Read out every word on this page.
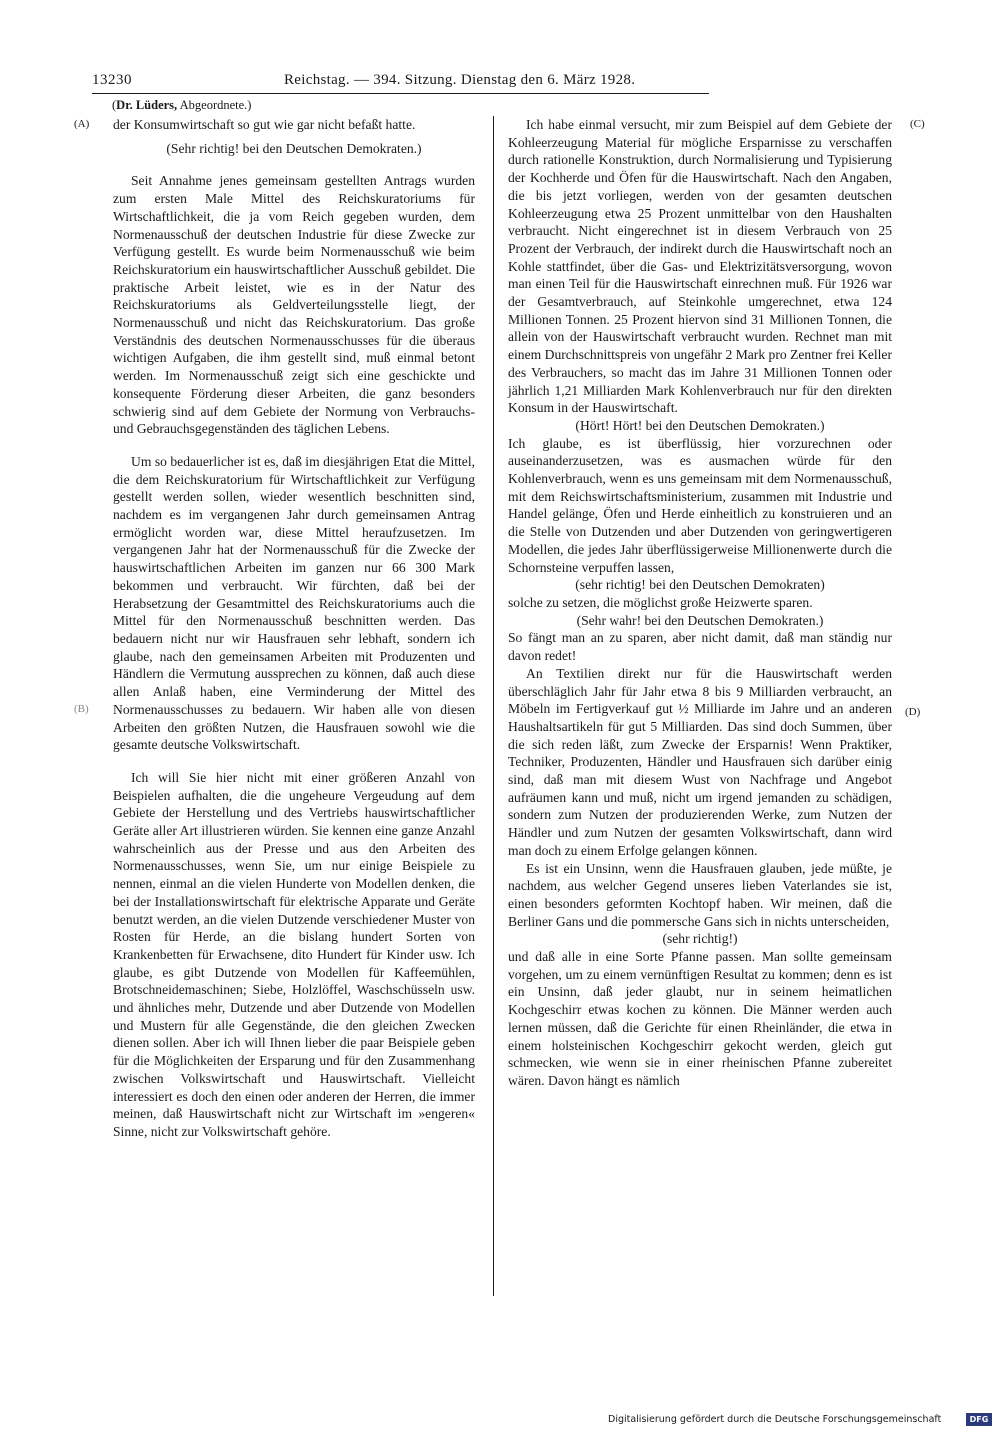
13230	Reichstag. — 394. Sitzung. Dienstag den 6. März 1928.
(Dr. Lüders, Abgeordnete.)
(A)
(B)
(C)
(D)

der Konsumwirtschaft so gut wie gar nicht befaßt hatte.

(Sehr richtig! bei den Deutschen Demokraten.)

Seit Annahme jenes gemeinsam gestellten Antrags wurden zum ersten Male Mittel des Reichskuratoriums für Wirtschaftlichkeit, die ja vom Reich gegeben wurden, dem Normenausschuß der deutschen Industrie für diese Zwecke zur Verfügung gestellt. Es wurde beim Normenausschuß wie beim Reichskuratorium ein hauswirtschaftlicher Ausschuß gebildet. Die praktische Arbeit leistet, wie es in der Natur des Reichskuratoriums als Geldverteilungsstelle liegt, der Normenausschuß und nicht das Reichskuratorium. Das große Verständnis des deutschen Normenausschusses für die überaus wichtigen Aufgaben, die ihm gestellt sind, muß einmal betont werden. Im Normenausschuß zeigt sich eine geschickte und konsequente Förderung dieser Arbeiten, die ganz besonders schwierig sind auf dem Gebiete der Normung von Verbrauchs- und Gebrauchsgegenständen des täglichen Lebens.

Um so bedauerlicher ist es, daß im diesjährigen Etat die Mittel, die dem Reichskuratorium für Wirtschaftlichkeit zur Verfügung gestellt werden sollen, wieder wesentlich beschnitten sind, nachdem es im vergangenen Jahr durch gemeinsamen Antrag ermöglicht worden war, diese Mittel heraufzusetzen. Im vergangenen Jahr hat der Normenausschuß für die Zwecke der hauswirtschaftlichen Arbeiten im ganzen nur 66 300 Mark bekommen und verbraucht. Wir fürchten, daß bei der Herabsetzung der Gesamtmittel des Reichskuratoriums auch die Mittel für den Normenausschuß beschnitten werden. Das bedauern nicht nur wir Hausfrauen sehr lebhaft, sondern ich glaube, nach den gemeinsamen Arbeiten mit Produzenten und Händlern die Vermutung aussprechen zu können, daß auch diese allen Anlaß haben, eine Verminderung der Mittel des Normenausschusses zu bedauern. Wir haben alle von diesen Arbeiten den größten Nutzen, die Hausfrauen sowohl wie die gesamte deutsche Volkswirtschaft.

Ich will Sie hier nicht mit einer größeren Anzahl von Beispielen aufhalten, die die ungeheure Vergeudung auf dem Gebiete der Herstellung und des Vertriebs hauswirtschaftlicher Geräte aller Art illustrieren würden. Sie kennen eine ganze Anzahl wahrscheinlich aus der Presse und aus den Arbeiten des Normenausschusses, wenn Sie, um nur einige Beispiele zu nennen, einmal an die vielen Hunderte von Modellen denken, die bei der Installationswirtschaft für elektrische Apparate und Geräte benutzt werden, an die vielen Dutzende verschiedener Muster von Rosten für Herde, an die bislang hundert Sorten von Krankenbetten für Erwachsene, dito Hundert für Kinder usw. Ich glaube, es gibt Dutzende von Modellen für Kaffeemühlen, Brotschneidemaschinen; Siebe, Holzlöffel, Waschschüsseln usw. und ähnliches mehr, Dutzende und aber Dutzende von Modellen und Mustern für alle Gegenstände, die den gleichen Zwecken dienen sollen. Aber ich will Ihnen lieber die paar Beispiele geben für die Möglichkeiten der Ersparung und für den Zusammenhang zwischen Volkswirtschaft und Hauswirtschaft. Vielleicht interessiert es doch den einen oder anderen der Herren, die immer meinen, daß Hauswirtschaft nicht zur Wirtschaft im »engeren« Sinne, nicht zur Volkswirtschaft gehöre.

Ich habe einmal versucht, mir zum Beispiel auf dem Gebiete der Kohleerzeugung Material für mögliche Ersparnisse zu verschaffen durch rationelle Konstruktion, durch Normalisierung und Typisierung der Kochherde und Öfen für die Hauswirtschaft. Nach den Angaben, die bis jetzt vorliegen, werden von der gesamten deutschen Kohleerzeugung etwa 25 Prozent unmittelbar von den Haushalten verbraucht. Nicht eingerechnet ist in diesem Verbrauch von 25 Prozent der Verbrauch, der indirekt durch die Hauswirtschaft noch an Kohle stattfindet, über die Gas- und Elektrizitätsversorgung, wovon man einen Teil für die Hauswirtschaft einrechnen muß. Für 1926 war der Gesamtverbrauch, auf Steinkohle umgerechnet, etwa 124 Millionen Tonnen. 25 Prozent hiervon sind 31 Millionen Tonnen, die allein von der Hauswirtschaft verbraucht wurden. Rechnet man mit einem Durchschnittspreis von ungefähr 2 Mark pro Zentner frei Keller des Verbrauchers, so macht das im Jahre 31 Millionen Tonnen oder jährlich 1,21 Milliarden Mark Kohlenverbrauch nur für den direkten Konsum in der Hauswirtschaft.

(Hört! Hört! bei den Deutschen Demokraten.)

Ich glaube, es ist überflüssig, hier vorzurechnen oder auseinanderzusetzen, was es ausmachen würde für den Kohlenverbrauch, wenn es uns gemeinsam mit dem Normenausschuß, mit dem Reichswirtschaftsministerium, zusammen mit Industrie und Handel gelänge, Öfen und Herde einheitlich zu konstruieren und an die Stelle von Dutzenden und aber Dutzenden von geringwertigeren Modellen, die jedes Jahr überflüssigerweise Millionenwerte durch die Schornsteine verpuffen lassen,

(sehr richtig! bei den Deutschen Demokraten)

solche zu setzen, die möglichst große Heizwerte sparen.

(Sehr wahr! bei den Deutschen Demokraten.)

So fängt man an zu sparen, aber nicht damit, daß man ständig nur davon redet!

An Textilien direkt nur für die Hauswirtschaft werden überschläglich Jahr für Jahr etwa 8 bis 9 Milliarden verbraucht, an Möbeln im Fertigverkauf gut ½ Milliarde im Jahre und an anderen Haushaltsartikeln für gut 5 Milliarden. Das sind doch Summen, über die sich reden läßt, zum Zwecke der Ersparnis! Wenn Praktiker, Techniker, Produzenten, Händler und Hausfrauen sich darüber einig sind, daß man mit diesem Wust von Nachfrage und Angebot aufräumen kann und muß, nicht um irgend jemanden zu schädigen, sondern zum Nutzen der produzierenden Werke, zum Nutzen der Händler und zum Nutzen der gesamten Volkswirtschaft, dann wird man doch zu einem Erfolge gelangen können.

Es ist ein Unsinn, wenn die Hausfrauen glauben, jede müßte, je nachdem, aus welcher Gegend unseres lieben Vaterlandes sie ist, einen besonders geformten Kochtopf haben. Wir meinen, daß die Berliner Gans und die pommersche Gans sich in nichts unterscheiden,

(sehr richtig!)

und daß alle in eine Sorte Pfanne passen. Man sollte gemeinsam vorgehen, um zu einem vernünftigen Resultat zu kommen; denn es ist ein Unsinn, daß jeder glaubt, nur in seinem heimatlichen Kochgeschirr etwas kochen zu können. Die Männer werden auch lernen müssen, daß die Gerichte für einen Rheinländer, die etwa in einem holsteinischen Kochgeschirr gekocht werden, gleich gut schmecken, wie wenn sie in einer rheinischen Pfanne zubereitet wären. Davon hängt es nämlich

Digitalisierung gefördert durch die Deutsche Forschungsgemeinschaft	DFG
